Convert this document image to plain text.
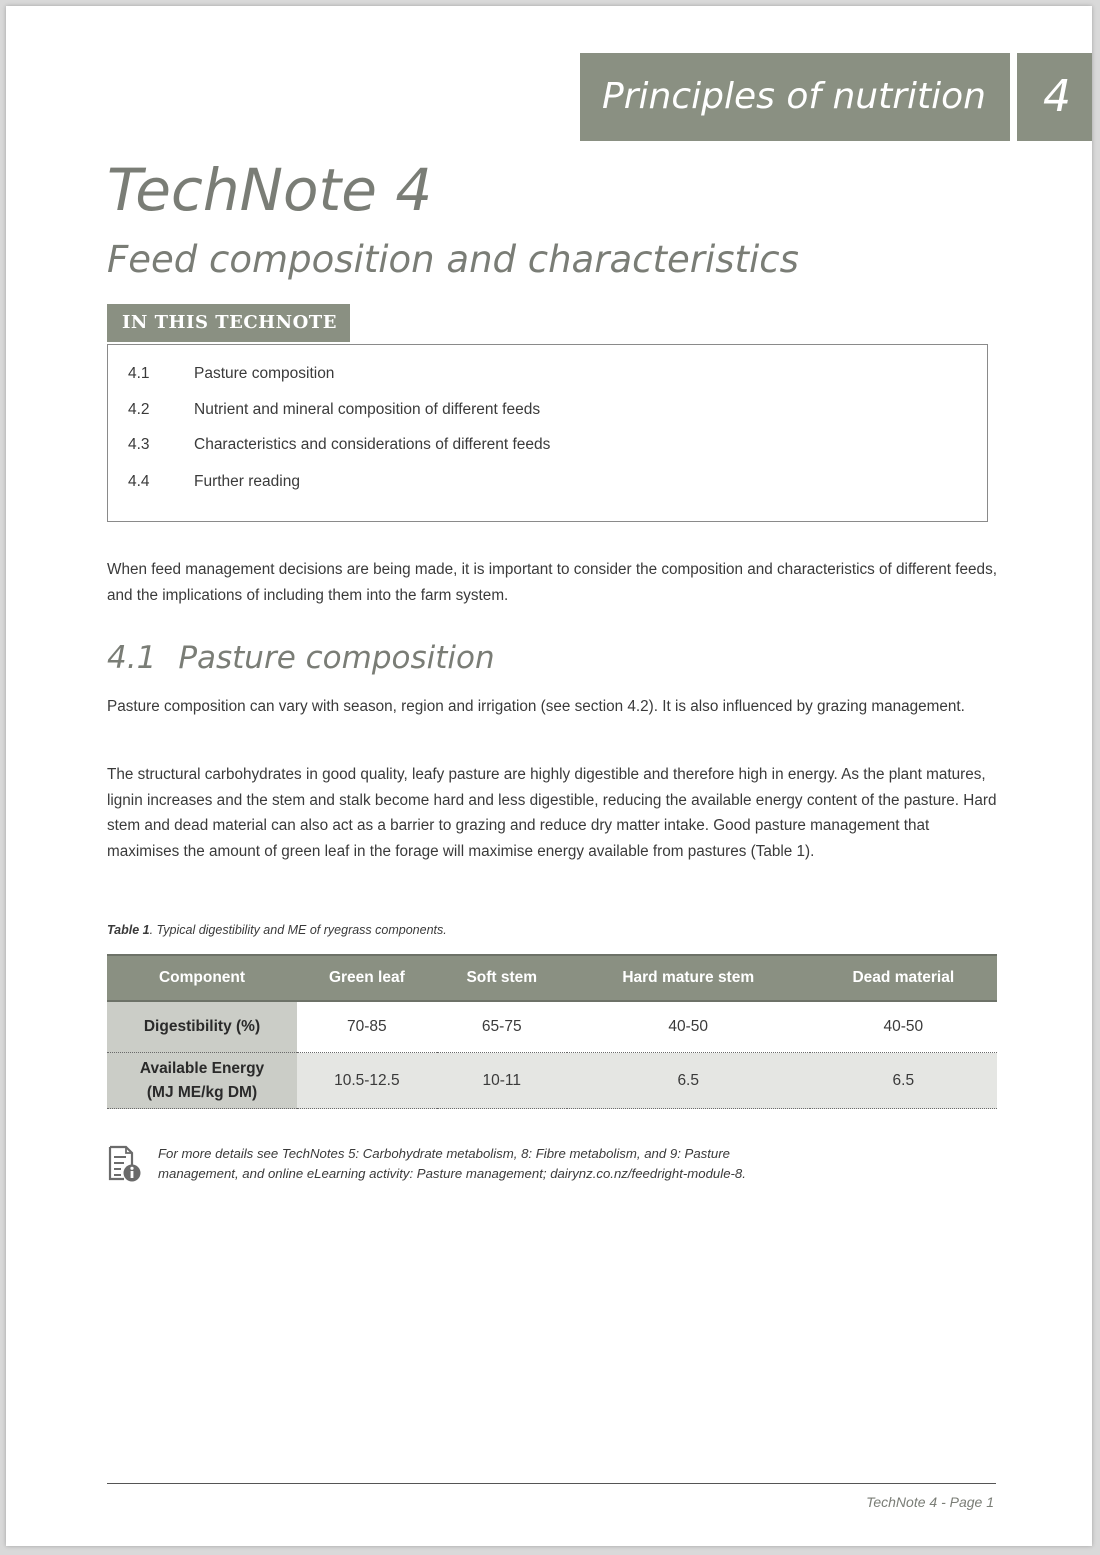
Principles of nutrition	4
TechNote 4
Feed composition and characteristics
IN THIS TECHNOTE
4.1	Pasture composition
4.2	Nutrient and mineral composition of different feeds
4.3	Characteristics and considerations of different feeds
4.4	Further reading

When feed management decisions are being made, it is important to consider the composition and characteristics of different feeds, and the implications of including them into the farm system.

4.1 Pasture composition

Pasture composition can vary with season, region and irrigation (see section 4.2). It is also influenced by grazing management.

The structural carbohydrates in good quality, leafy pasture are highly digestible and therefore high in energy. As the plant matures, lignin increases and the stem and stalk become hard and less digestible, reducing the available energy content of the pasture. Hard stem and dead material can also act as a barrier to grazing and reduce dry matter intake. Good pasture management that maximises the amount of green leaf in the forage will maximise energy available from pastures (Table 1).

Table 1. Typical digestibility and ME of ryegrass components.
Component	Green leaf	Soft stem	Hard mature stem	Dead material
Digestibility (%)	70-85	65-75	40-50	40-50
Available Energy
(MJ ME/kg DM)	10.5-12.5	10-11	6.5	6.5

For more details see TechNotes 5: Carbohydrate metabolism, 8: Fibre metabolism, and 9: Pasture
management, and online eLearning activity: Pasture management; dairynz.co.nz/feedright-module-8.

TechNote 4 - Page 1
